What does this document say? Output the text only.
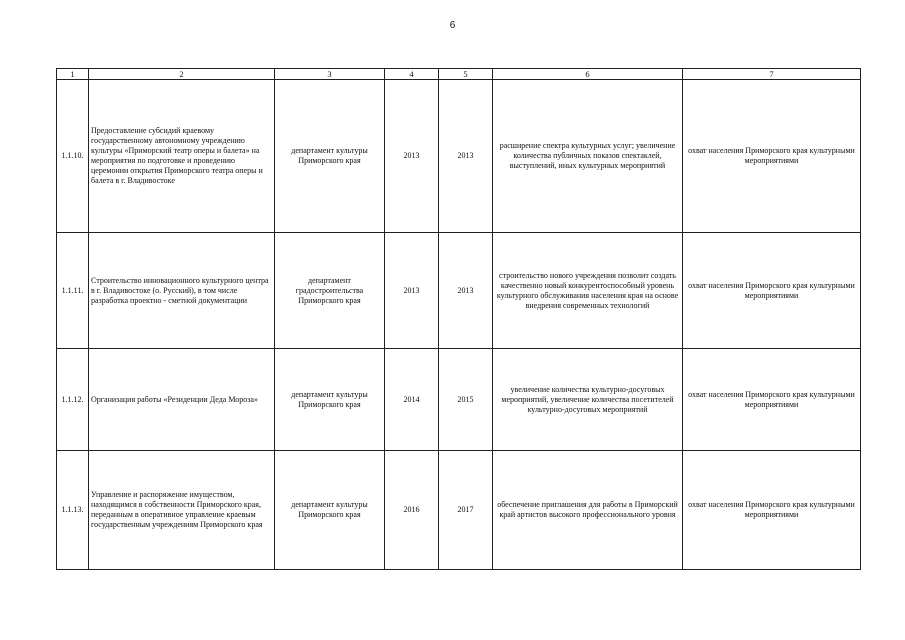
6
1	2	3	4	5	6	7
1.1.10.	Предоставление субсидий краевому государственному автономному учреждению культуры «Приморский театр оперы и балета» на мероприятия по подготовке и проведению церемонии открытия Приморского театра оперы и балета в г. Владивостоке	департамент культуры Приморского края	2013	2013	расширение спектра культурных услуг; увеличение количества публичных показов спектаклей, выступлений, иных культурных мероприятий	охват населения Приморского края культурными мероприятиями
1.1.11.	Строительство инновационного культурного центра в г. Владивостоке (о. Русский), в том числе разработка проектно - сметной документации	департамент градостроительства Приморского края	2013	2013	строительство нового учреждения позволит создать качественно новый конкурентоспособный уровень культурного обслуживания населения края на основе внедрения современных технологий	охват населения Приморского края культурными мероприятиями
1.1.12.	Организация работы «Резиденции Деда Мороза»	департамент культуры Приморского края	2014	2015	увеличение количества культурно-досуговых мероприятий, увеличение количества посетителей культурно-досуговых мероприятий	охват населения Приморского края культурными мероприятиями
1.1.13.	Управление и распоряжение имуществом, находящимся в собственности Приморского края, переданным в оперативное управление краевым государственным учреждениям Приморского края	департамент культуры Приморского края	2016	2017	обеспечение приглашения для работы в Приморский край артистов высокого профессионального уровня	охват населения Приморского края культурными мероприятиями
